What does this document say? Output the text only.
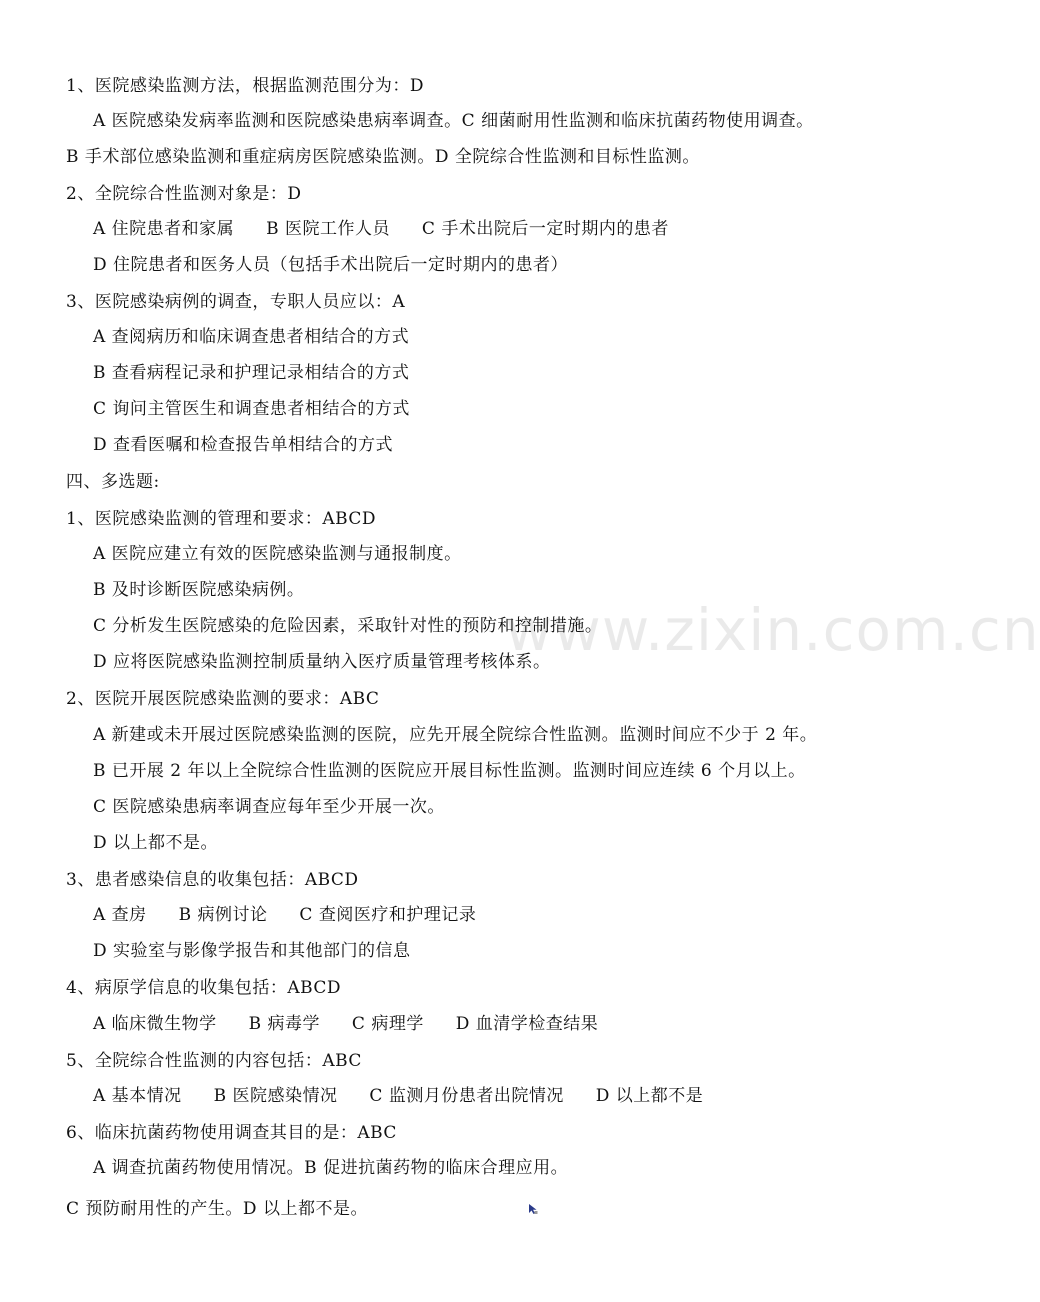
www.zixin.com.cn
1、医院感染监测方法，根据监测范围分为：D
A 医院感染发病率监测和医院感染患病率调查。C 细菌耐用性监测和临床抗菌药物使用调查。
B 手术部位感染监测和重症病房医院感染监测。D 全院综合性监测和目标性监测。
2、全院综合性监测对象是：D
A 住院患者和家属 B 医院工作人员 C 手术出院后一定时期内的患者
D 住院患者和医务人员（包括手术出院后一定时期内的患者）
3、医院感染病例的调查，专职人员应以：A
A 查阅病历和临床调查患者相结合的方式
B 查看病程记录和护理记录相结合的方式
C 询问主管医生和调查患者相结合的方式
D 查看医嘱和检查报告单相结合的方式
四、多选题:
1、医院感染监测的管理和要求：ABCD
A 医院应建立有效的医院感染监测与通报制度。
B 及时诊断医院感染病例。
C 分析发生医院感染的危险因素，采取针对性的预防和控制措施。
D 应将医院感染监测控制质量纳入医疗质量管理考核体系。
2、医院开展医院感染监测的要求：ABC
A 新建或未开展过医院感染监测的医院，应先开展全院综合性监测。监测时间应不少于 2 年。
B 已开展 2 年以上全院综合性监测的医院应开展目标性监测。监测时间应连续 6 个月以上。
C 医院感染患病率调查应每年至少开展一次。
D 以上都不是。
3、患者感染信息的收集包括：ABCD
A 查房 B 病例讨论 C 查阅医疗和护理记录
D 实验室与影像学报告和其他部门的信息
4、病原学信息的收集包括：ABCD
A 临床微生物学 B 病毒学 C 病理学 D 血清学检查结果
5、全院综合性监测的内容包括：ABC
A 基本情况 B 医院感染情况 C 监测月份患者出院情况 D 以上都不是
6、临床抗菌药物使用调查其目的是：ABC
A 调查抗菌药物使用情况。B 促进抗菌药物的临床合理应用。
C 预防耐用性的产生。D 以上都不是。
